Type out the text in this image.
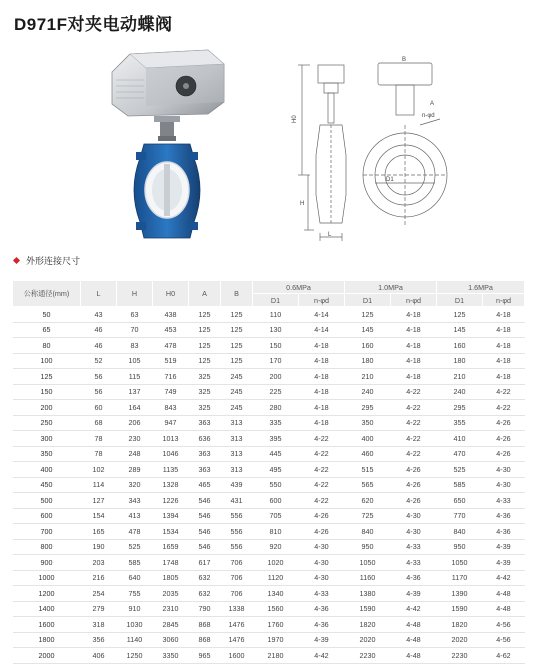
D971F对夹电动蝶阀
H0
H
L
B
A
D1
n-φd
外形连接尺寸
公称通径(mm)	L	H	H0	A	B	0.6MPa		1.0MPa		1.6MPa	
						D1	n-φd	D1	n-φd	D1	n-φd
50	43	63	438	125	125	110	4-14	125	4-18	125	4-18
65	46	70	453	125	125	130	4-14	145	4-18	145	4-18
80	46	83	478	125	125	150	4-18	160	4-18	160	4-18
100	52	105	519	125	125	170	4-18	180	4-18	180	4-18
125	56	115	716	325	245	200	4-18	210	4-18	210	4-18
150	56	137	749	325	245	225	4-18	240	4-22	240	4-22
200	60	164	843	325	245	280	4-18	295	4-22	295	4-22
250	68	206	947	363	313	335	4-18	350	4-22	355	4-26
300	78	230	1013	636	313	395	4-22	400	4-22	410	4-26
350	78	248	1046	363	313	445	4-22	460	4-22	470	4-26
400	102	289	1135	363	313	495	4-22	515	4-26	525	4-30
450	114	320	1328	465	439	550	4-22	565	4-26	585	4-30
500	127	343	1226	546	431	600	4-22	620	4-26	650	4-33
600	154	413	1394	546	556	705	4-26	725	4-30	770	4-36
700	165	478	1534	546	556	810	4-26	840	4-30	840	4-36
800	190	525	1659	546	556	920	4-30	950	4-33	950	4-39
900	203	585	1748	617	706	1020	4-30	1050	4-33	1050	4-39
1000	216	640	1805	632	706	1120	4-30	1160	4-36	1170	4-42
1200	254	755	2035	632	706	1340	4-33	1380	4-39	1390	4-48
1400	279	910	2310	790	1338	1560	4-36	1590	4-42	1590	4-48
1600	318	1030	2845	868	1476	1760	4-36	1820	4-48	1820	4-56
1800	356	1140	3060	868	1476	1970	4-39	2020	4-48	2020	4-56
2000	406	1250	3350	965	1600	2180	4-42	2230	4-48	2230	4-62
